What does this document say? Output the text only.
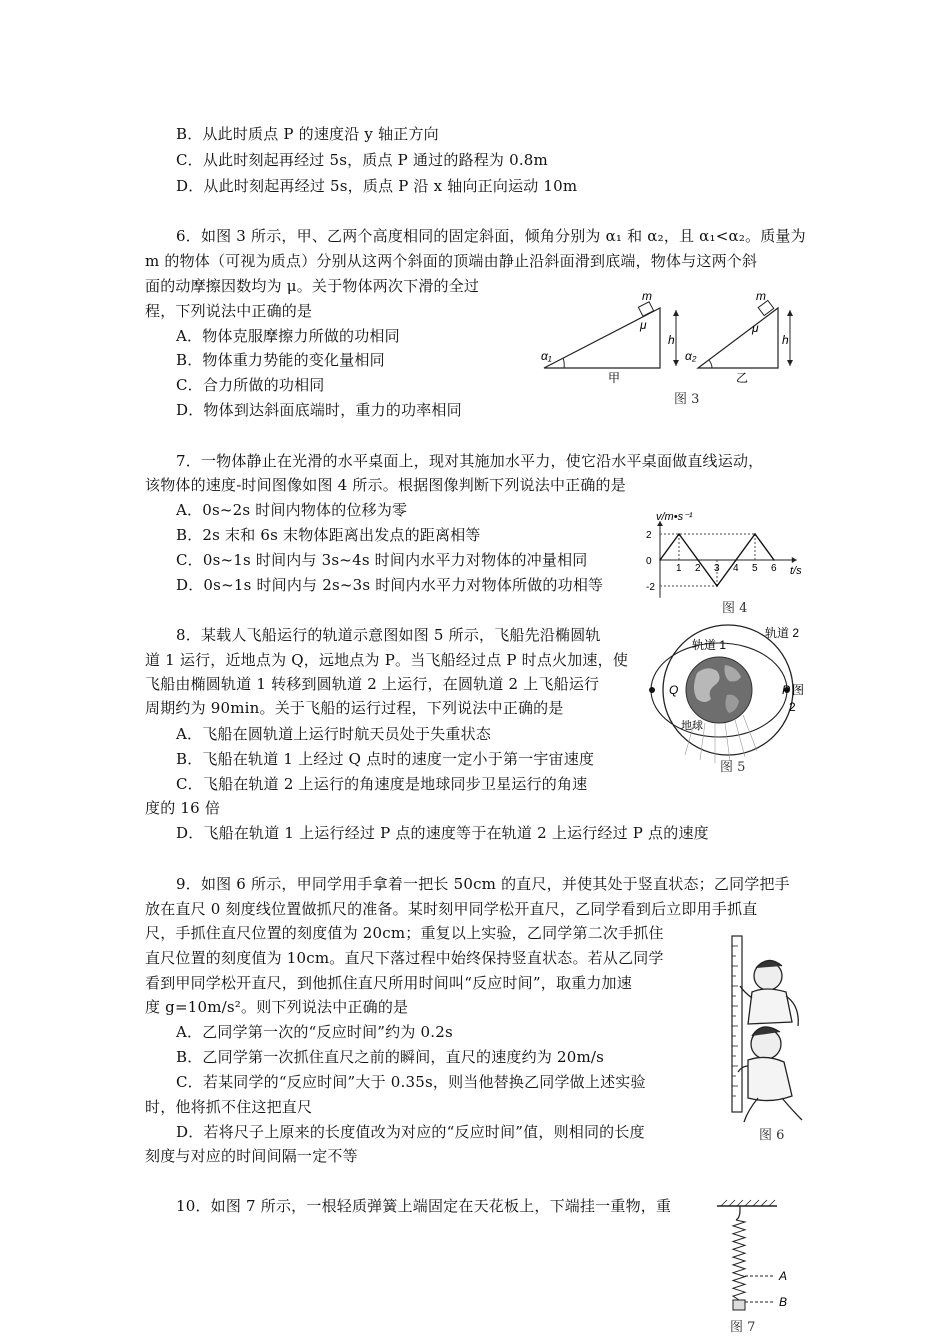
B．从此时质点 P 的速度沿 y 轴正方向
C．从此时刻起再经过 5s，质点 P 通过的路程为 0.8m
D．从此时刻起再经过 5s，质点 P 沿 x 轴向正向运动 10m
6．如图 3 所示，甲、乙两个高度相同的固定斜面，倾角分别为 α₁ 和 α₂，且 α₁<α₂。质量为
m 的物体（可视为质点）分别从这两个斜面的顶端由静止沿斜面滑到底端，物体与这两个斜
面的动摩擦因数均为 μ。关于物体两次下滑的全过
程，下列说法中正确的是
A．物体克服摩擦力所做的功相同
B．物体重力势能的变化量相同
C．合力所做的功相同
D．物体到达斜面底端时，重力的功率相同
m
μ
h
α₁
甲
m
μ
h
α₂
乙
图 3
7．一物体静止在光滑的水平桌面上，现对其施加水平力，使它沿水平桌面做直线运动，
该物体的速度-时间图像如图 4 所示。根据图像判断下列说法中正确的是
A．0s~2s 时间内物体的位移为零
B．2s 末和 6s 末物体距离出发点的距离相等
C．0s~1s 时间内与 3s~4s 时间内水平力对物体的冲量相同
D．0s~1s 时间内与 2s~3s 时间内水平力对物体所做的功相等
1 2 3 4 5 6
2
0
-2
v/m•s⁻¹
t/s
图 4
8．某载人飞船运行的轨道示意图如图 5 所示，飞船先沿椭圆轨
道 1 运行，近地点为 Q，远地点为 P。当飞船经过点 P 时点火加速，使
飞船由椭圆轨道 1 转移到圆轨道 2 上运行，在圆轨道 2 上飞船运行
周期约为 90min。关于飞船的运行过程，下列说法中正确的是
A．飞船在圆轨道上运行时航天员处于失重状态
B．飞船在轨道 1 上经过 Q 点时的速度一定小于第一宇宙速度
C．飞船在轨道 2 上运行的角速度是地球同步卫星运行的角速
度的 16 倍
D．飞船在轨道 1 上运行经过 P 点的速度等于在轨道 2 上运行经过 P 点的速度
轨道 1
轨道 2
Q	P 图
2
地球
图 5
9．如图 6 所示，甲同学用手拿着一把长 50cm 的直尺，并使其处于竖直状态；乙同学把手
放在直尺 0 刻度线位置做抓尺的准备。某时刻甲同学松开直尺，乙同学看到后立即用手抓直
尺，手抓住直尺位置的刻度值为 20cm；重复以上实验，乙同学第二次手抓住
直尺位置的刻度值为 10cm。直尺下落过程中始终保持竖直状态。若从乙同学
看到甲同学松开直尺，到他抓住直尺所用时间叫“反应时间”，取重力加速
度 g=10m/s²。则下列说法中正确的是
A．乙同学第一次的“反应时间”约为 0.2s
B．乙同学第一次抓住直尺之前的瞬间，直尺的速度约为 20m/s
C．若某同学的“反应时间”大于 0.35s，则当他替换乙同学做上述实验
时，他将抓不住这把直尺
D．若将尺子上原来的长度值改为对应的“反应时间”值，则相同的长度
刻度与对应的时间间隔一定不等
图 6
10．如图 7 所示，一根轻质弹簧上端固定在天花板上，下端挂一重物，重
A
B
图 7
